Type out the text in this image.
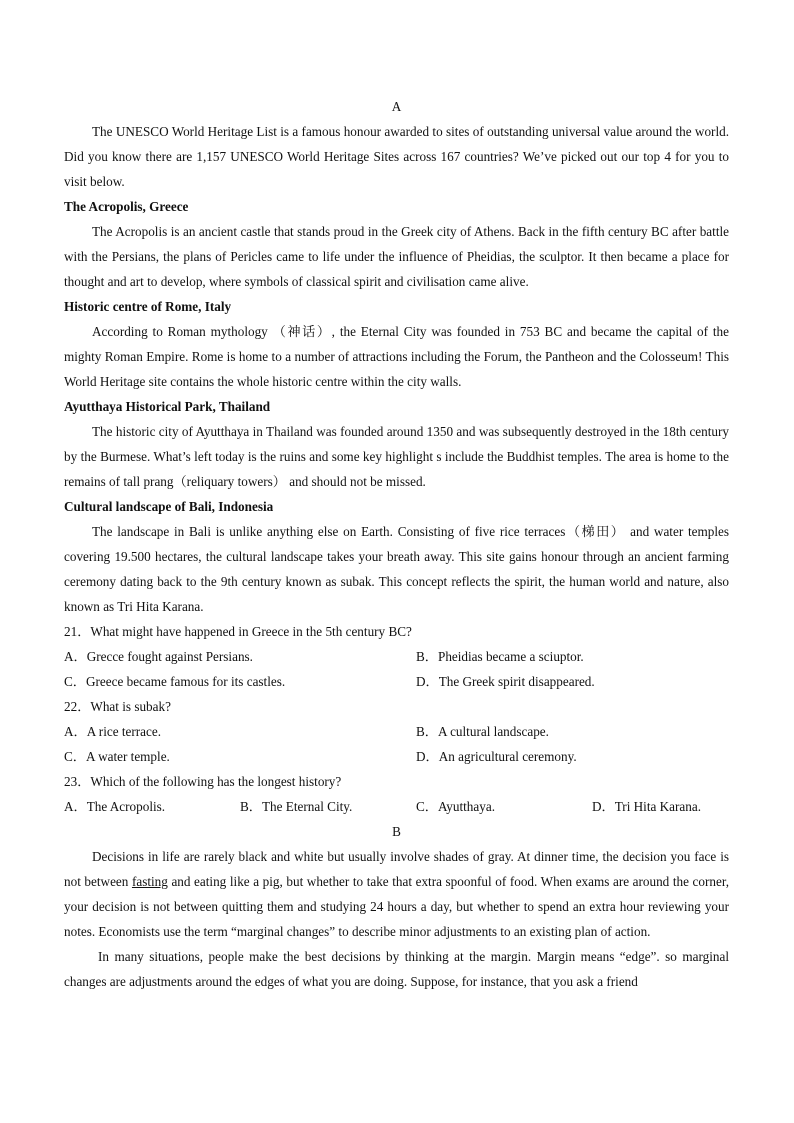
A

The UNESCO World Heritage List is a famous honour awarded to sites of outstanding universal value around the world. Did you know there are 1,157 UNESCO World Heritage Sites across 167 countries? We’ve picked out our top 4 for you to visit below.

The Acropolis, Greece

The Acropolis is an ancient castle that stands proud in the Greek city of Athens. Back in the fifth century BC after battle with the Persians, the plans of Pericles came to life under the influence of Pheidias, the sculptor. It then became a place for thought and art to develop, where symbols of classical spirit and civilisation came alive.

Historic centre of Rome, Italy

According to Roman mythology （神话）, the Eternal City was founded in 753 BC and became the capital of the mighty Roman Empire. Rome is home to a number of attractions including the Forum, the Pantheon and the Colosseum! This World Heritage site contains the whole historic centre within the city walls.

Ayutthaya Historical Park, Thailand

The historic city of Ayutthaya in Thailand was founded around 1350 and was subsequently destroyed in the 18th century by the Burmese. What’s left today is the ruins and some key highlight s include the Buddhist temples. The area is home to the remains of tall prang（reliquary towers） and should not be missed.

Cultural landscape of Bali, Indonesia

The landscape in Bali is unlike anything else on Earth. Consisting of five rice terraces（梯田） and water temples covering 19.500 hectares, the cultural landscape takes your breath away. This site gains honour through an ancient farming ceremony dating back to the 9th century known as subak. This concept reflects the spirit, the human world and nature, also known as Tri Hita Karana.

21．What might have happened in Greece in the 5th century BC?

A．Grecce fought against Persians.	B．Pheidias became a sciuptor.
C．Greece became famous for its castles.	D．The Greek spirit disappeared.

22．What is subak?

A．A rice terrace.	B．A cultural landscape.
C．A water temple.	D．An agricultural ceremony.

23．Which of the following has the longest history?

A．The Acropolis.	B．The Eternal City.	C．Ayutthaya.	D．Tri Hita Karana.
B

Decisions in life are rarely black and white but usually involve shades of gray. At dinner time, the decision you face is not between fasting and eating like a pig, but whether to take that extra spoonful of food. When exams are around the corner, your decision is not between quitting them and studying 24 hours a day, but whether to spend an extra hour reviewing your notes. Economists use the term “marginal changes” to describe minor adjustments to an existing plan of action.

In many situations, people make the best decisions by thinking at the margin. Margin means “edge”. so marginal changes are adjustments around the edges of what you are doing. Suppose, for instance, that you ask a friend
